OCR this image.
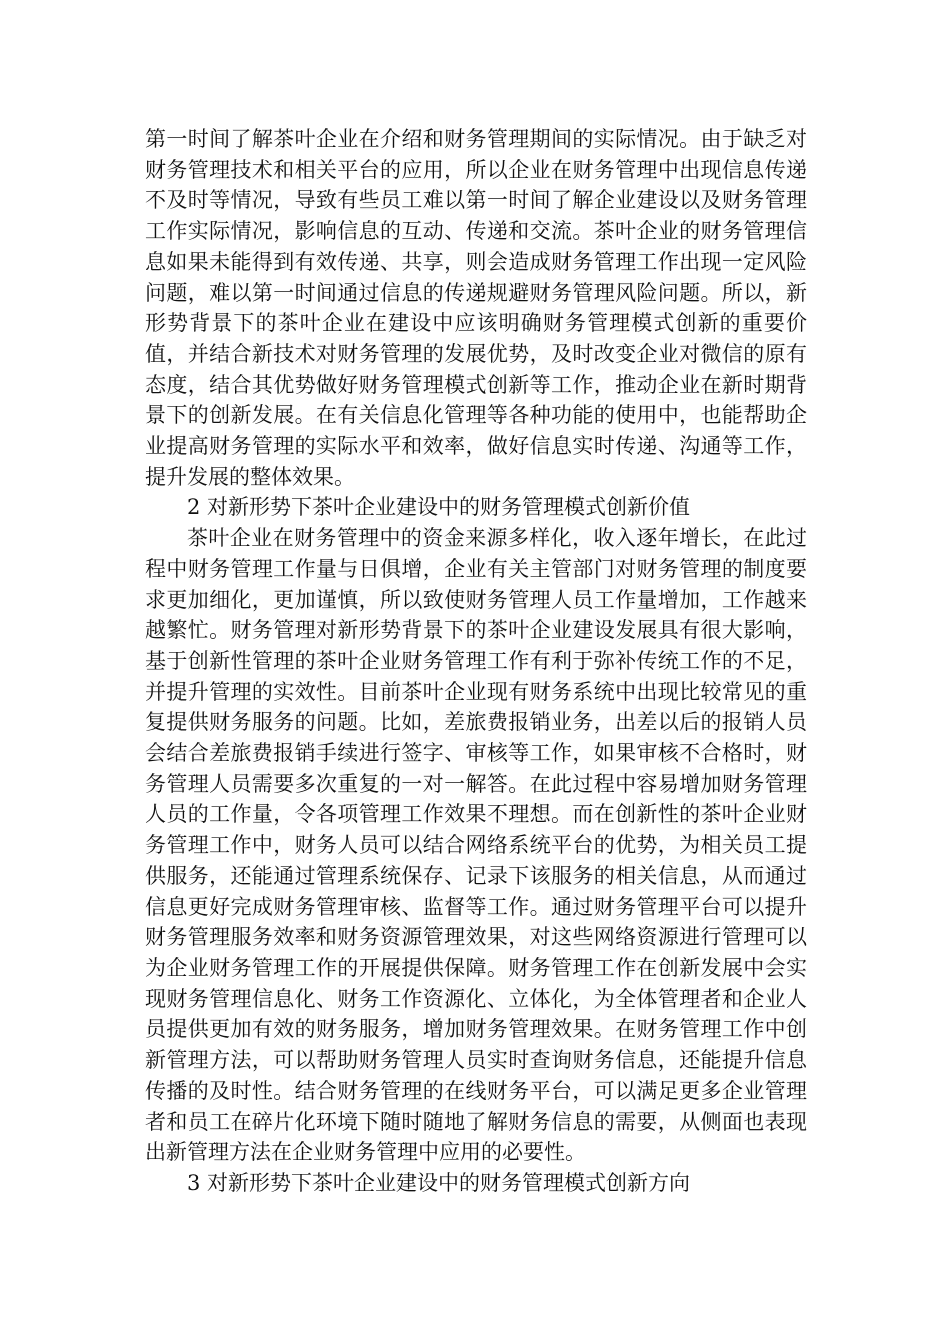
第一时间了解茶叶企业在介绍和财务管理期间的实际情况。由于缺乏对财务管理技术和相关平台的应用，所以企业在财务管理中出现信息传递不及时等情况，导致有些员工难以第一时间了解企业建设以及财务管理工作实际情况，影响信息的互动、传递和交流。茶叶企业的财务管理信息如果未能得到有效传递、共享，则会造成财务管理工作出现一定风险问题，难以第一时间通过信息的传递规避财务管理风险问题。所以，新形势背景下的茶叶企业在建设中应该明确财务管理模式创新的重要价值，并结合新技术对财务管理的发展优势，及时改变企业对微信的原有态度，结合其优势做好财务管理模式创新等工作，推动企业在新时期背景下的创新发展。在有关信息化管理等各种功能的使用中，也能帮助企业提高财务管理的实际水平和效率，做好信息实时传递、沟通等工作，提升发展的整体效果。

2 对新形势下茶叶企业建设中的财务管理模式创新价值

茶叶企业在财务管理中的资金来源多样化，收入逐年增长，在此过程中财务管理工作量与日俱增，企业有关主管部门对财务管理的制度要求更加细化，更加谨慎，所以致使财务管理人员工作量增加，工作越来越繁忙。财务管理对新形势背景下的茶叶企业建设发展具有很大影响，基于创新性管理的茶叶企业财务管理工作有利于弥补传统工作的不足，并提升管理的实效性。目前茶叶企业现有财务系统中出现比较常见的重复提供财务服务的问题。比如，差旅费报销业务，出差以后的报销人员会结合差旅费报销手续进行签字、审核等工作，如果审核不合格时，财务管理人员需要多次重复的一对一解答。在此过程中容易增加财务管理人员的工作量，令各项管理工作效果不理想。而在创新性的茶叶企业财务管理工作中，财务人员可以结合网络系统平台的优势，为相关员工提供服务，还能通过管理系统保存、记录下该服务的相关信息，从而通过信息更好完成财务管理审核、监督等工作。通过财务管理平台可以提升财务管理服务效率和财务资源管理效果，对这些网络资源进行管理可以为企业财务管理工作的开展提供保障。财务管理工作在创新发展中会实现财务管理信息化、财务工作资源化、立体化，为全体管理者和企业人员提供更加有效的财务服务，增加财务管理效果。在财务管理工作中创新管理方法，可以帮助财务管理人员实时查询财务信息，还能提升信息传播的及时性。结合财务管理的在线财务平台，可以满足更多企业管理者和员工在碎片化环境下随时随地了解财务信息的需要，从侧面也表现出新管理方法在企业财务管理中应用的必要性。

3 对新形势下茶叶企业建设中的财务管理模式创新方向
